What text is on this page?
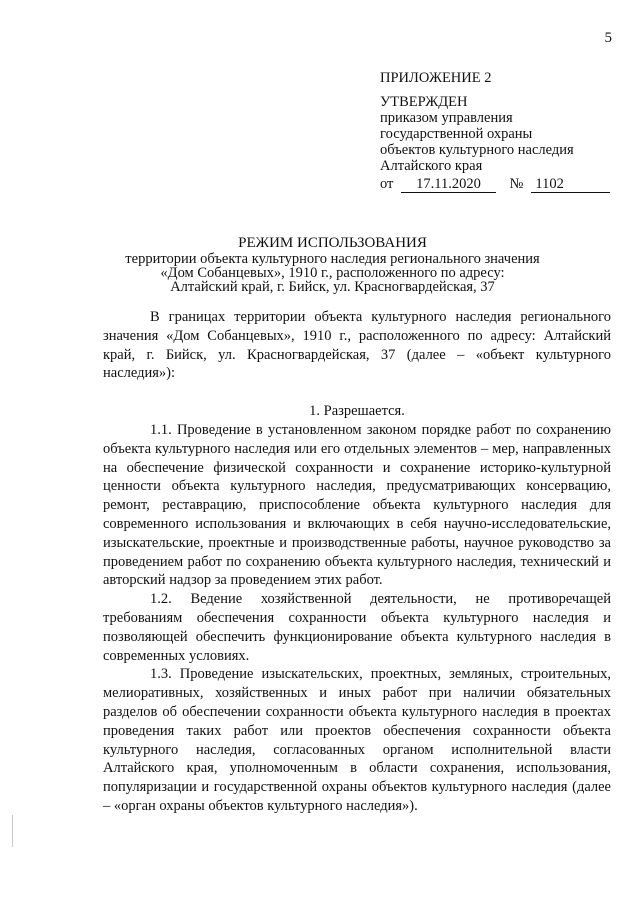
5
ПРИЛОЖЕНИЕ 2
УТВЕРЖДЕН
приказом управления
государственной охраны
объектов культурного наследия
Алтайского края
от	17.11.2020	№ 1102
РЕЖИМ ИСПОЛЬЗОВАНИЯ
территории объекта культурного наследия регионального значения
«Дом Собанцевых», 1910 г., расположенного по адресу:
Алтайский край, г. Бийск, ул. Красногвардейская, 37

В границах территории объекта культурного наследия регионального значения «Дом Собанцевых», 1910 г., расположенного по адресу: Алтайский край, г. Бийск, ул. Красногвардейская, 37 (далее – «объект культурного наследия»):

1. Разрешается.

1.1. Проведение в установленном законом порядке работ по сохранению объекта культурного наследия или его отдельных элементов – мер, направленных на обеспечение физической сохранности и сохранение историко-культурной ценности объекта культурного наследия, предусматривающих консервацию, ремонт, реставрацию, приспособление объекта культурного наследия для современного использования и включающих в себя научно-исследовательские, изыскательские, проектные и производственные работы, научное руководство за проведением работ по сохранению объекта культурного наследия, технический и авторский надзор за проведением этих работ.

1.2. Ведение хозяйственной деятельности, не противоречащей требованиям обеспечения сохранности объекта культурного наследия и позволяющей обеспечить функционирование объекта культурного наследия в современных условиях.

1.3. Проведение изыскательских, проектных, земляных, строительных, мелиоративных, хозяйственных и иных работ при наличии обязательных разделов об обеспечении сохранности объекта культурного наследия в проектах проведения таких работ или проектов обеспечения сохранности объекта культурного наследия, согласованных органом исполнительной власти Алтайского края, уполномоченным в области сохранения, использования, популяризации и государственной охраны объектов культурного наследия (далее – «орган охраны объектов культурного наследия»).
